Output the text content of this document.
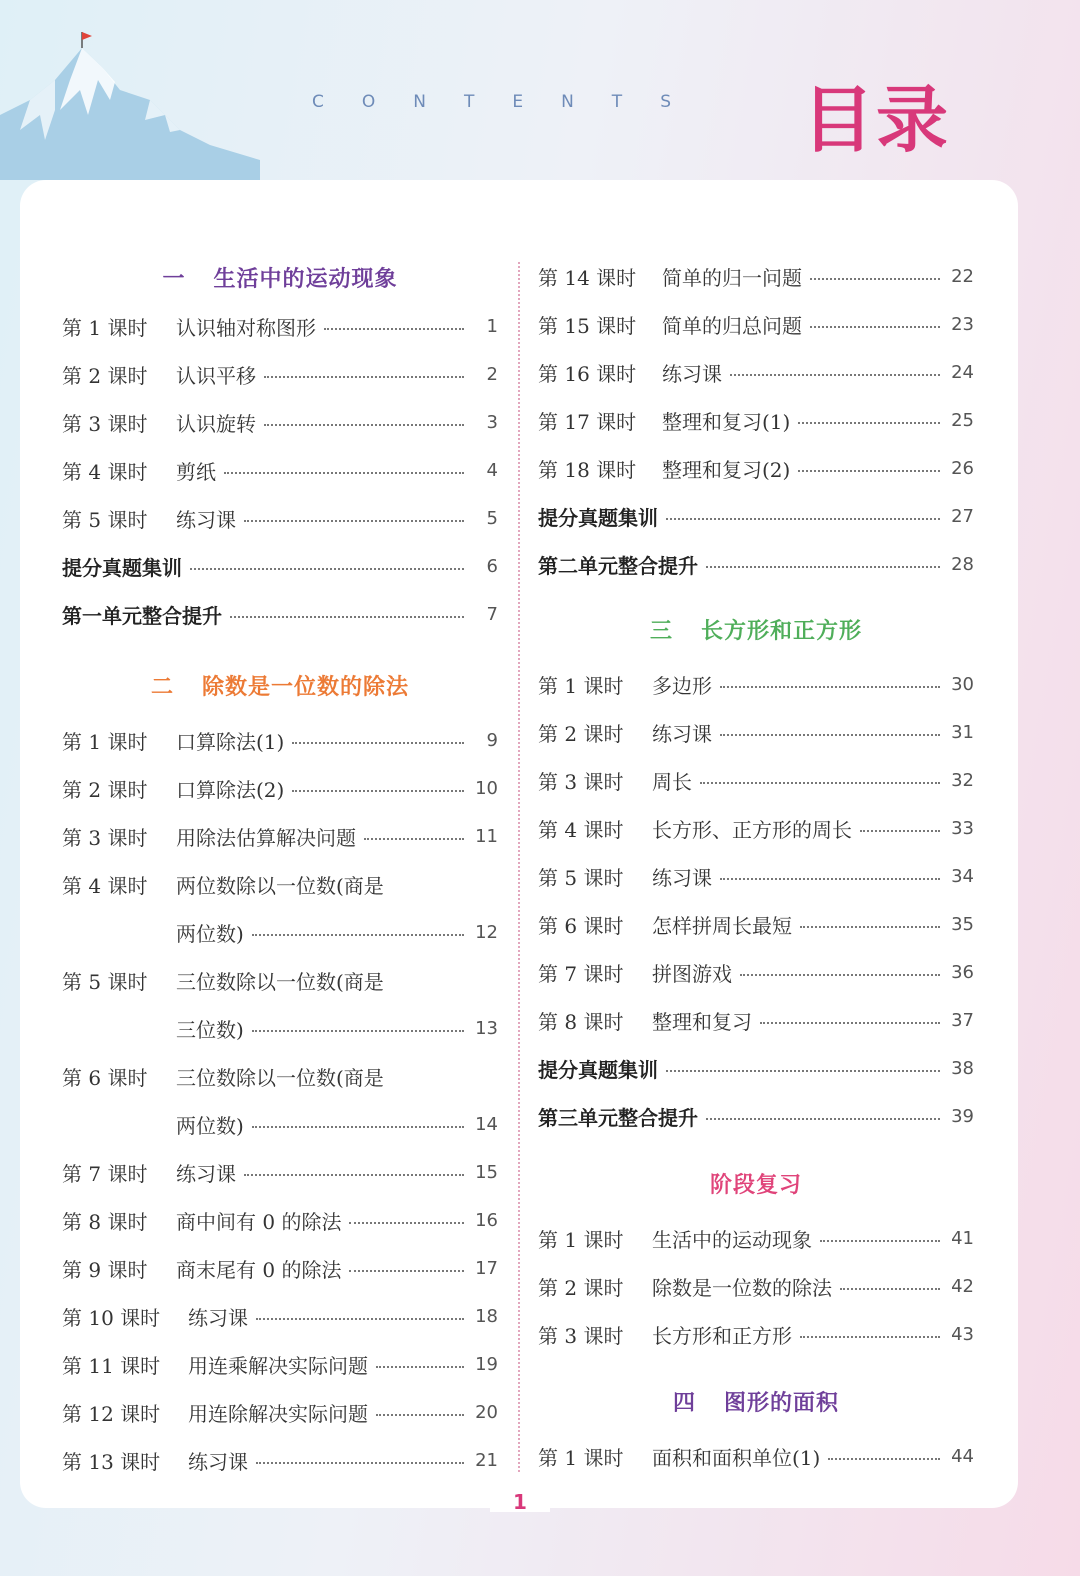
CONTENTS 目录
一 生活中的运动现象
第 1 课时	认识轴对称图形	1
第 2 课时	认识平移	2
第 3 课时	认识旋转	3
第 4 课时	剪纸	4
第 5 课时	练习课	5
提分真题集训	6
第一单元整合提升	7
二 除数是一位数的除法
第 1 课时	口算除法(1)	9
第 2 课时	口算除法(2)	10
第 3 课时	用除法估算解决问题	11
第 4 课时	两位数除以一位数(商是
两位数)	12
第 5 课时	三位数除以一位数(商是
三位数)	13
第 6 课时	三位数除以一位数(商是
两位数)	14
第 7 课时	练习课	15
第 8 课时	商中间有 0 的除法	16
第 9 课时	商末尾有 0 的除法	17
第 10 课时	练习课	18
第 11 课时	用连乘解决实际问题	19
第 12 课时	用连除解决实际问题	20
第 13 课时	练习课	21
第 14 课时	简单的归一问题	22
第 15 课时	简单的归总问题	23
第 16 课时	练习课	24
第 17 课时	整理和复习(1)	25
第 18 课时	整理和复习(2)	26
提分真题集训	27
第二单元整合提升	28
三 长方形和正方形
第 1 课时	多边形	30
第 2 课时	练习课	31
第 3 课时	周长	32
第 4 课时	长方形、正方形的周长	33
第 5 课时	练习课	34
第 6 课时	怎样拼周长最短	35
第 7 课时	拼图游戏	36
第 8 课时	整理和复习	37
提分真题集训	38
第三单元整合提升	39
阶段复习
第 1 课时	生活中的运动现象	41
第 2 课时	除数是一位数的除法	42
第 3 课时	长方形和正方形	43
四 图形的面积
第 1 课时	面积和面积单位(1)	44
1
